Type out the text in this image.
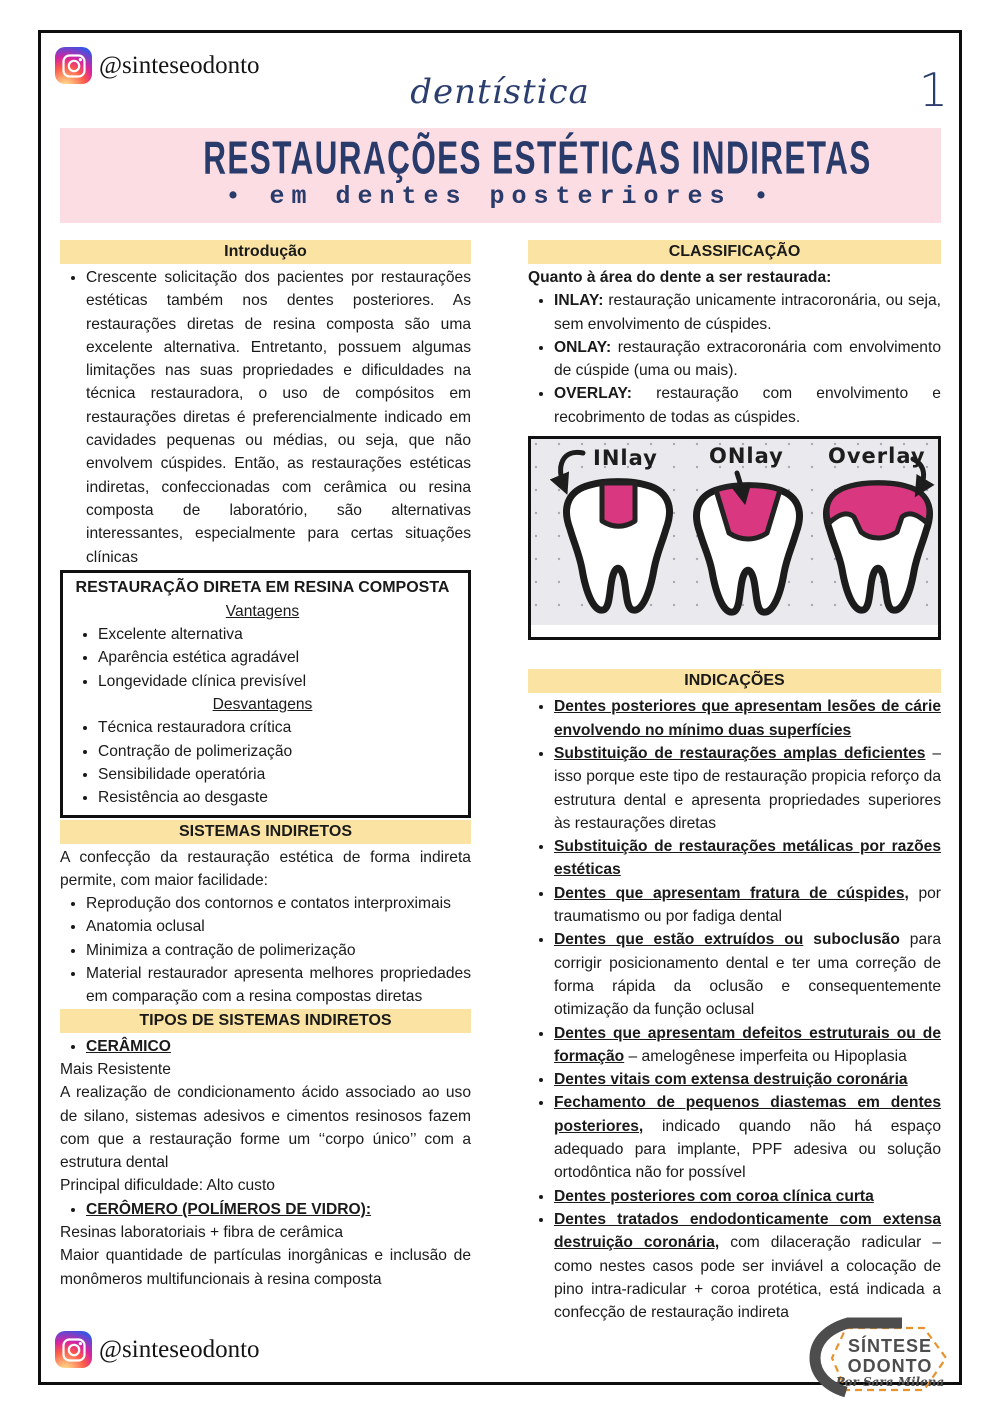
@sinteseodonto
dentística	1
RESTAURAÇÕES ESTÉTICAS INDIRETAS
• em dentes posteriores •
Introdução
• Crescente solicitação dos pacientes por restaurações estéticas também nos dentes posteriores. As restaurações diretas de resina composta são uma excelente alternativa. Entretanto, possuem algumas limitações nas suas propriedades e dificuldades na técnica restauradora, o uso de compósitos em restaurações diretas é preferencialmente indicado em cavidades pequenas ou médias, ou seja, que não envolvem cúspides. Então, as restaurações estéticas indiretas, confeccionadas com cerâmica ou resina composta de laboratório, são alternativas interessantes, especialmente para certas situações clínicas
RESTAURAÇÃO DIRETA EM RESINA COMPOSTA
Vantagens
• Excelente alternativa
• Aparência estética agradável
• Longevidade clínica previsível
Desvantagens
• Técnica restauradora crítica
• Contração de polimerização
• Sensibilidade operatória
• Resistência ao desgaste
SISTEMAS INDIRETOS
A confecção da restauração estética de forma indireta permite, com maior facilidade:
• Reprodução dos contornos e contatos interproximais
• Anatomia oclusal
• Minimiza a contração de polimerização
• Material restaurador apresenta melhores propriedades em comparação com a resina compostas diretas
TIPOS DE SISTEMAS INDIRETOS
• CERÂMICO
Mais Resistente
A realização de condicionamento ácido associado ao uso de silano, sistemas adesivos e cimentos resinosos fazem com que a restauração forme um ‘‘corpo único’’ com a estrutura dental
Principal dificuldade: Alto custo
• CERÔMERO (POLÍMEROS DE VIDRO):
Resinas laboratoriais + fibra de cerâmica
Maior quantidade de partículas inorgânicas e inclusão de monômeros multifuncionais à resina composta
CLASSIFICAÇÃO
Quanto à área do dente a ser restaurada:
• INLAY: restauração unicamente intracoronária, ou seja, sem envolvimento de cúspides.
• ONLAY: restauração extracoronária com envolvimento de cúspide (uma ou mais).
• OVERLAY: restauração com envolvimento e recobrimento de todas as cúspides.
INlay ONlay Overlay
INDICAÇÕES
• Dentes posteriores que apresentam lesões de cárie envolvendo no mínimo duas superfícies
• Substituição de restaurações amplas deficientes – isso porque este tipo de restauração propicia reforço da estrutura dental e apresenta propriedades superiores às restaurações diretas
• Substituição de restaurações metálicas por razões estéticas
• Dentes que apresentam fratura de cúspides, por traumatismo ou por fadiga dental
• Dentes que estão extruídos ou suboclusão para corrigir posicionamento dental e ter uma correção de forma rápida da oclusão e consequentemente otimização da função oclusal
• Dentes que apresentam defeitos estruturais ou de formação – amelogênese imperfeita ou Hipoplasia
• Dentes vitais com extensa destruição coronária
• Fechamento de pequenos diastemas em dentes posteriores, indicado quando não há espaço adequado para implante, PPF adesiva ou solução ortodôntica não for possível
• Dentes posteriores com coroa clínica curta
• Dentes tratados endodonticamente com extensa destruição coronária, com dilaceração radicular – como nestes casos pode ser inviável a colocação de pino intra-radicular + coroa protética, está indicada a confecção de restauração indireta
@sinteseodonto	SÍNTESE
ODONTO
Por Sara Milena
